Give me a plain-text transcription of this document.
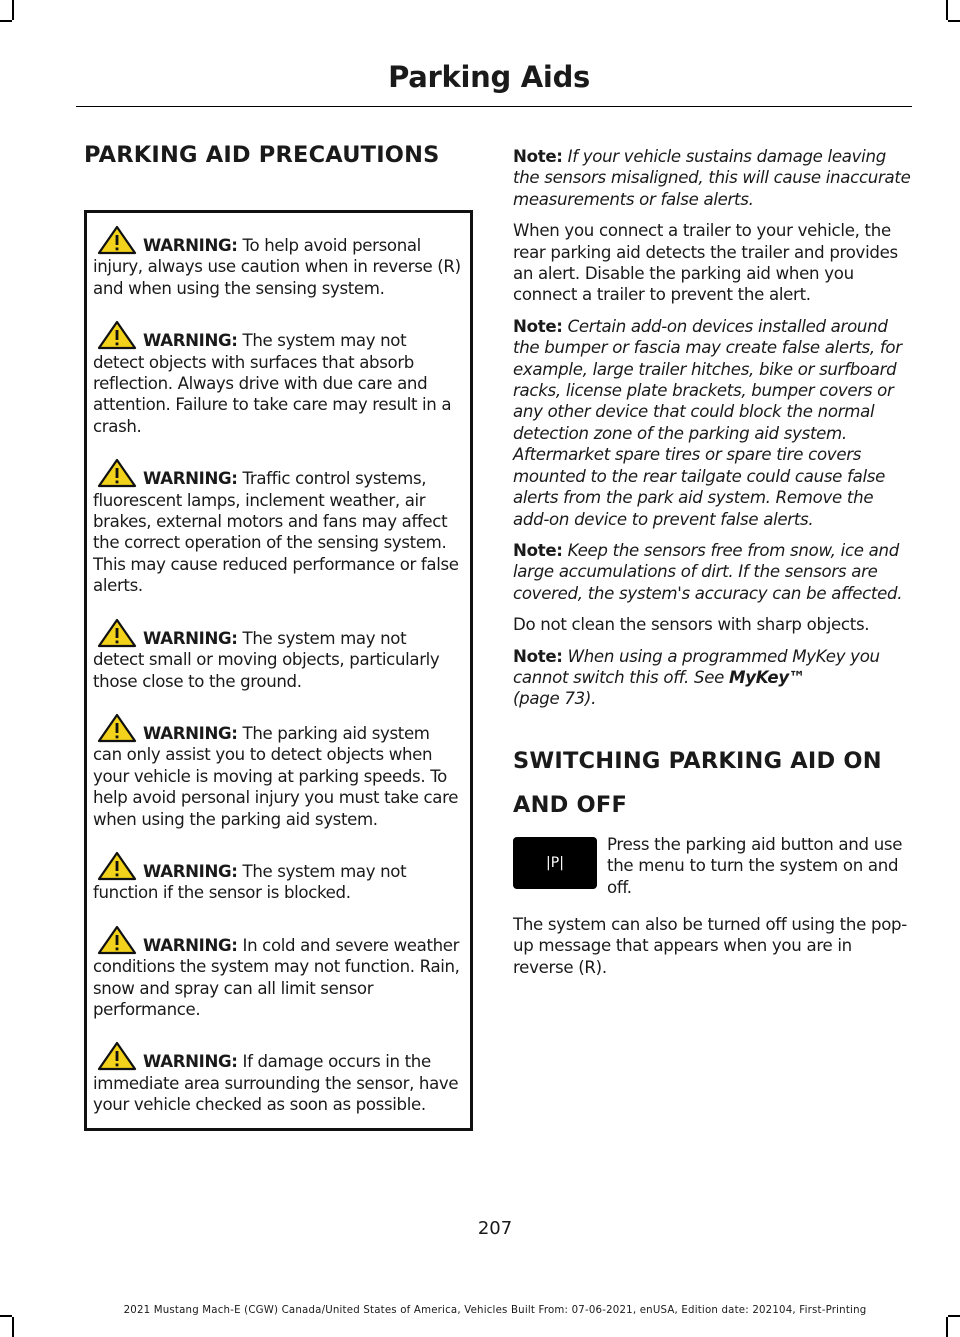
Parking Aids
PARKING AID PRECAUTIONS

WARNING: To help avoid personal injury, always use caution when in reverse (R) and when using the sensing system.

WARNING: The system may not detect objects with surfaces that absorb reflection. Always drive with due care and attention. Failure to take care may result in a crash.

WARNING: Traffic control systems, fluorescent lamps, inclement weather, air brakes, external motors and fans may affect the correct operation of the sensing system. This may cause reduced performance or false alerts.

WARNING: The system may not detect small or moving objects, particularly those close to the ground.

WARNING: The parking aid system can only assist you to detect objects when your vehicle is moving at parking speeds. To help avoid personal injury you must take care when using the parking aid system.

WARNING: The system may not function if the sensor is blocked.

WARNING: In cold and severe weather conditions the system may not function. Rain, snow and spray can all limit sensor performance.

WARNING: If damage occurs in the immediate area surrounding the sensor, have your vehicle checked as soon as possible.

Note: If your vehicle sustains damage leaving the sensors misaligned, this will cause inaccurate measurements or false alerts.

When you connect a trailer to your vehicle, the rear parking aid detects the trailer and provides an alert. Disable the parking aid when you connect a trailer to prevent the alert.

Note: Certain add-on devices installed around the bumper or fascia may create false alerts, for example, large trailer hitches, bike or surfboard racks, license plate brackets, bumper covers or any other device that could block the normal detection zone of the parking aid system. Aftermarket spare tires or spare tire covers mounted to the rear tailgate could cause false alerts from the park aid system. Remove the add-on device to prevent false alerts.

Note: Keep the sensors free from snow, ice and large accumulations of dirt. If the sensors are covered, the system's accuracy can be affected.

Do not clean the sensors with sharp objects.

Note: When using a programmed MyKey you cannot switch this off. See MyKey™
(page 73).

SWITCHING PARKING AID ON
AND OFF
Press the parking aid button and use the menu to turn the system on and off.
|P|

The system can also be turned off using the pop-up message that appears when you are in reverse (R).

207
2021 Mustang Mach-E (CGW) Canada/United States of America, Vehicles Built From: 07-06-2021, enUSA, Edition date: 202104, First-Printing
